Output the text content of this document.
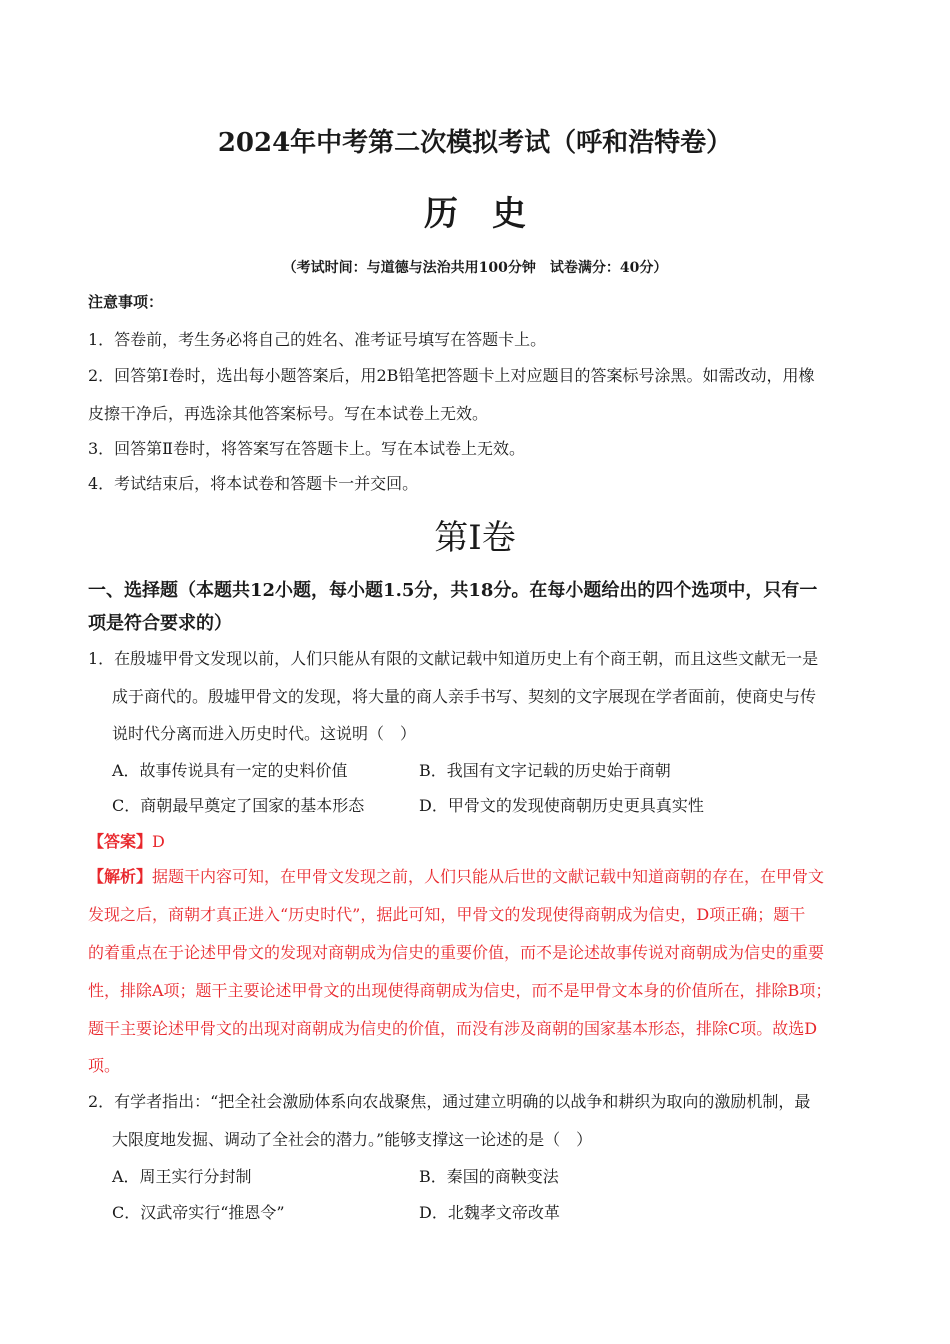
2024年中考第二次模拟考试（呼和浩特卷）
历　史
（考试时间：与道德与法治共用100分钟　试卷满分：40分）
注意事项：
1．答卷前，考生务必将自己的姓名、准考证号填写在答题卡上。
2．回答第Ⅰ卷时，选出每小题答案后，用2B铅笔把答题卡上对应题目的答案标号涂黑。如需改动，用橡
皮擦干净后，再选涂其他答案标号。写在本试卷上无效。
3．回答第Ⅱ卷时，将答案写在答题卡上。写在本试卷上无效。
4．考试结束后，将本试卷和答题卡一并交回。
第Ⅰ卷
一、选择题（本题共12小题，每小题1.5分，共18分。在每小题给出的四个选项中，只有一
项是符合要求的）
1．在殷墟甲骨文发现以前，人们只能从有限的文献记载中知道历史上有个商王朝，而且这些文献无一是
成于商代的。殷墟甲骨文的发现，将大量的商人亲手书写、契刻的文字展现在学者面前，使商史与传
说时代分离而进入历史时代。这说明（　）
A．故事传说具有一定的史料价值	B．我国有文字记载的历史始于商朝
C．商朝最早奠定了国家的基本形态	D．甲骨文的发现使商朝历史更具真实性
【答案】D
【解析】据题干内容可知，在甲骨文发现之前，人们只能从后世的文献记载中知道商朝的存在，在甲骨文
发现之后，商朝才真正进入“历史时代”，据此可知，甲骨文的发现使得商朝成为信史，D项正确；题干
的着重点在于论述甲骨文的发现对商朝成为信史的重要价值，而不是论述故事传说对商朝成为信史的重要
性，排除A项；题干主要论述甲骨文的出现使得商朝成为信史，而不是甲骨文本身的价值所在，排除B项；
题干主要论述甲骨文的出现对商朝成为信史的价值，而没有涉及商朝的国家基本形态，排除C项。故选D
项。
2．有学者指出：“把全社会激励体系向农战聚焦，通过建立明确的以战争和耕织为取向的激励机制，最
大限度地发掘、调动了全社会的潜力。”能够支撑这一论述的是（　）
A．周王实行分封制	B．秦国的商鞅变法
C．汉武帝实行“推恩令”	D．北魏孝文帝改革
